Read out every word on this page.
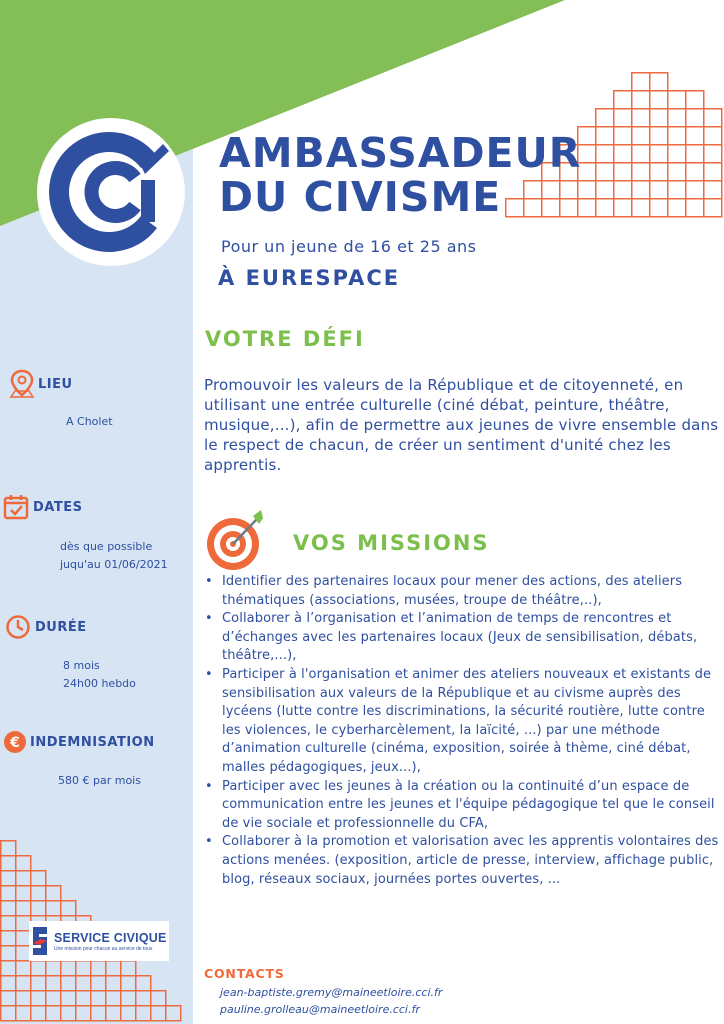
AMBASSADEUR
DU CIVISME
Pour un jeune de 16 et 25 ans
À EURESPACE
VOTRE DÉFI
Promouvoir les valeurs de la République et de citoyenneté, en utilisant une entrée culturelle (ciné débat, peinture, théâtre, musique,...), afin de permettre aux jeunes de vivre ensemble dans le respect de chacun, de créer un sentiment d'unité chez les apprentis.
VOS MISSIONS
• Identifier des partenaires locaux pour mener des actions, des ateliers thématiques (associations, musées, troupe de théâtre,..),
• Collaborer à l’organisation et l’animation de temps de rencontres et d’échanges avec les partenaires locaux (Jeux de sensibilisation, débats, théâtre,...),
• Participer à l'organisation et animer des ateliers nouveaux et existants de sensibilisation aux valeurs de la République et au civisme auprès des lycéens (lutte contre les discriminations, la sécurité routière, lutte contre les violences, le cyberharcèlement, la laïcité, ...) par une méthode d’animation culturelle (cinéma, exposition, soirée à thème, ciné débat, malles pédagogiques, jeux...),
• Participer avec les jeunes à la création ou la continuité d’un espace de communication entre les jeunes et l'équipe pédagogique tel que le conseil de vie sociale et professionnelle du CFA,
• Collaborer à la promotion et valorisation avec les apprentis volontaires des actions menées. (exposition, article de presse, interview, affichage public, blog, réseaux sociaux, journées portes ouvertes, ...
LIEU
A Cholet
DATES
dès que possible
juqu'au 01/06/2021
DURÉE
8 mois
24h00 hebdo
€ INDEMNISATION
580 € par mois
SERVICE CIVIQUE
Une mission pour chacun au service de tous
CONTACTS
jean-baptiste.gremy@maineetloire.cci.fr
pauline.grolleau@maineetloire.cci.fr
